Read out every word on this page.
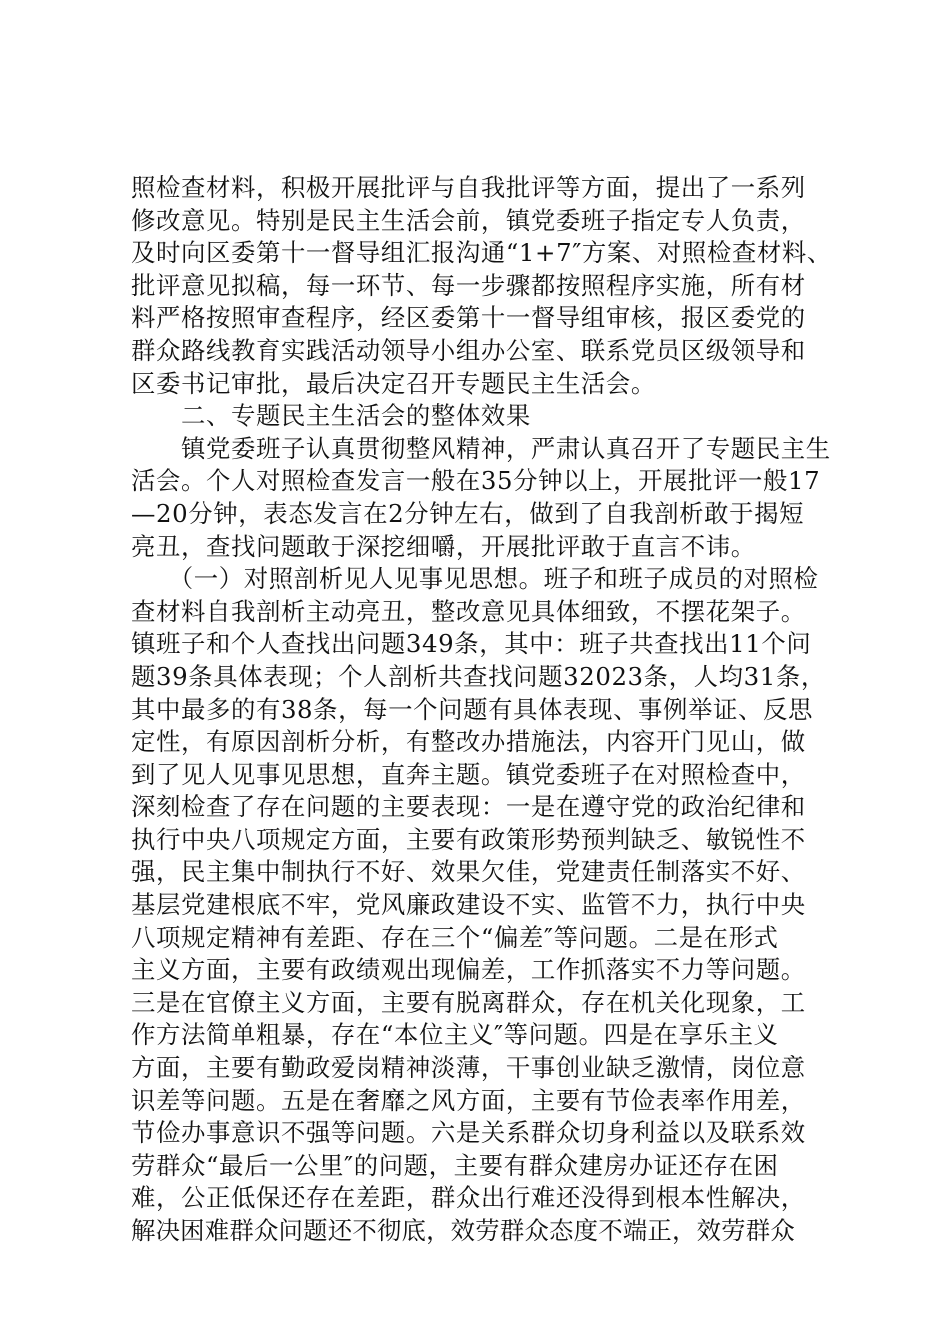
照检查材料，积极开展批评与自我批评等方面，提出了一系列
修改意见。特别是民主生活会前，镇党委班子指定专人负责，
及时向区委第十一督导组汇报沟通“1+7″方案、对照检查材料、
批评意见拟稿，每一环节、每一步骤都按照程序实施，所有材
料严格按照审查程序，经区委第十一督导组审核，报区委党的
群众路线教育实践活动领导小组办公室、联系党员区级领导和
区委书记审批，最后决定召开专题民主生活会。
　　二、专题民主生活会的整体效果
　　镇党委班子认真贯彻整风精神，严肃认真召开了专题民主生
活会。个人对照检查发言一般在35分钟以上，开展批评一般17
—20分钟，表态发言在2分钟左右，做到了自我剖析敢于揭短
亮丑，查找问题敢于深挖细嚼，开展批评敢于直言不讳。
　　（一）对照剖析见人见事见思想。班子和班子成员的对照检
查材料自我剖析主动亮丑，整改意见具体细致，不摆花架子。
镇班子和个人查找出问题349条，其中：班子共查找出11个问
题39条具体表现；个人剖析共查找问题32023条，人均31条，
其中最多的有38条，每一个问题有具体表现、事例举证、反思
定性，有原因剖析分析，有整改办措施法，内容开门见山，做
到了见人见事见思想，直奔主题。镇党委班子在对照检查中，
深刻检查了存在问题的主要表现：一是在遵守党的政治纪律和
执行中央八项规定方面，主要有政策形势预判缺乏、敏锐性不
强，民主集中制执行不好、效果欠佳，党建责任制落实不好、
基层党建根底不牢，党风廉政建设不实、监管不力，执行中央
八项规定精神有差距、存在三个“偏差″等问题。二是在形式
主义方面，主要有政绩观出现偏差，工作抓落实不力等问题。
三是在官僚主义方面，主要有脱离群众，存在机关化现象，工
作方法简单粗暴，存在“本位主义″等问题。四是在享乐主义
方面，主要有勤政爱岗精神淡薄，干事创业缺乏激情，岗位意
识差等问题。五是在奢靡之风方面，主要有节俭表率作用差，
节俭办事意识不强等问题。六是关系群众切身利益以及联系效
劳群众“最后一公里″的问题，主要有群众建房办证还存在困
难，公正低保还存在差距，群众出行难还没得到根本性解决，
解决困难群众问题还不彻底，效劳群众态度不端正，效劳群众
